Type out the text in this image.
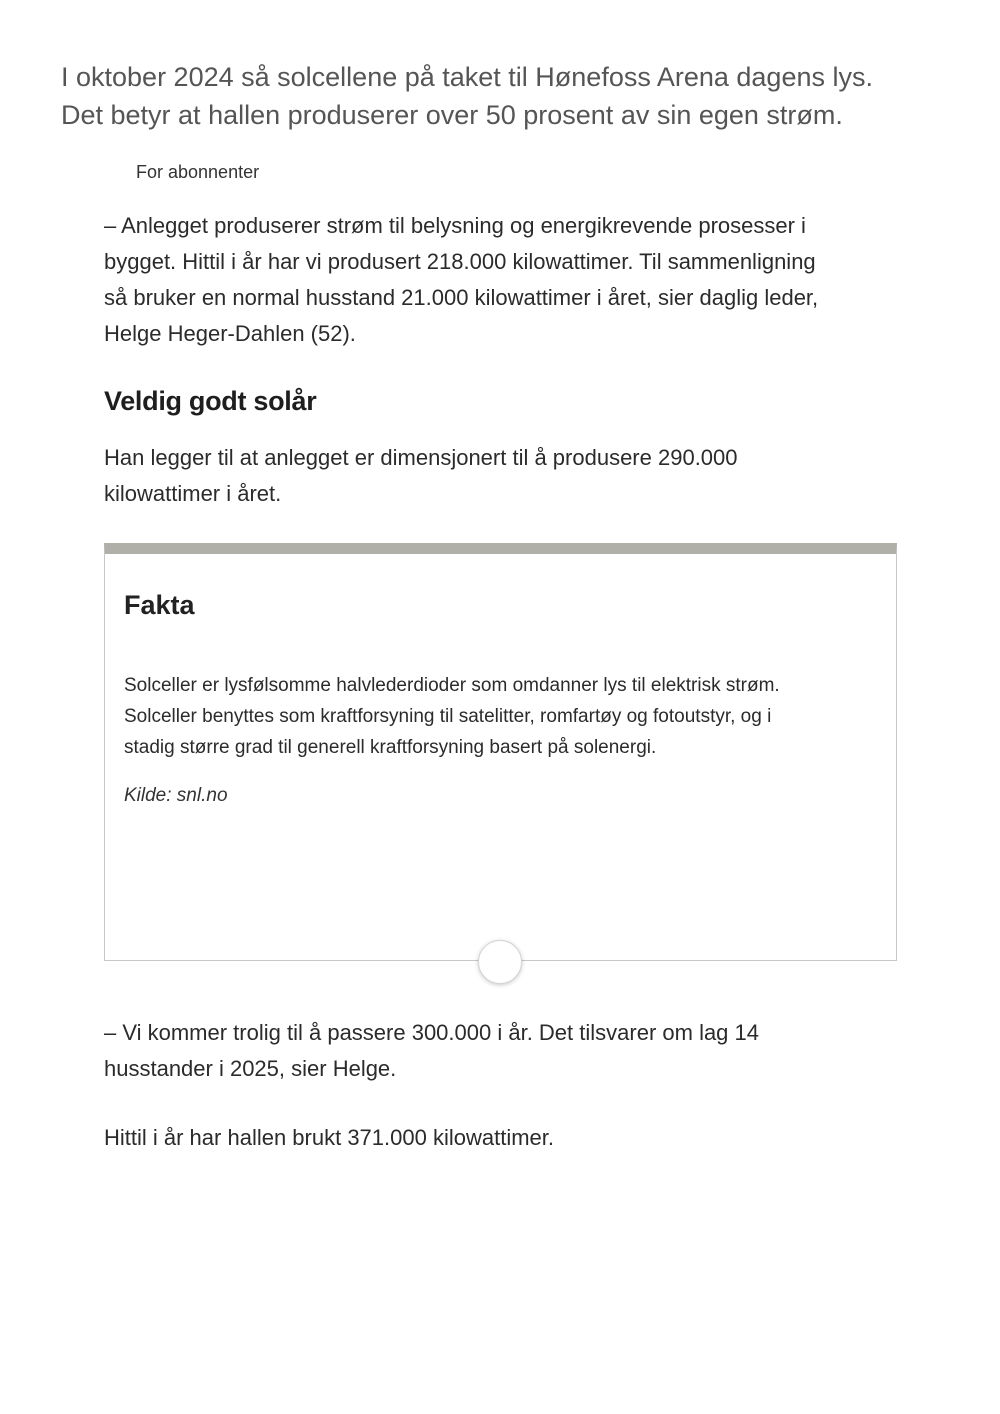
I oktober 2024 så solcellene på taket til Hønefoss Arena dagens lys.
Det betyr at hallen produserer over 50 prosent av sin egen strøm.

For abonnenter

– Anlegget produserer strøm til belysning og energikrevende prosesser i
bygget. Hittil i år har vi produsert 218.000 kilowattimer. Til sammenligning
så bruker en normal husstand 21.000 kilowattimer i året, sier daglig leder,
Helge Heger-Dahlen (52).

Veldig godt solår

Han legger til at anlegget er dimensjonert til å produsere 290.000
kilowattimer i året.

Fakta

Solceller er lysfølsomme halvlederdioder som omdanner lys til elektrisk strøm.
Solceller benyttes som kraftforsyning til satelitter, romfartøy og fotoutstyr, og i
stadig større grad til generell kraftforsyning basert på solenergi.

Kilde: snl.no

– Vi kommer trolig til å passere 300.000 i år. Det tilsvarer om lag 14
husstander i 2025, sier Helge.

Hittil i år har hallen brukt 371.000 kilowattimer.
